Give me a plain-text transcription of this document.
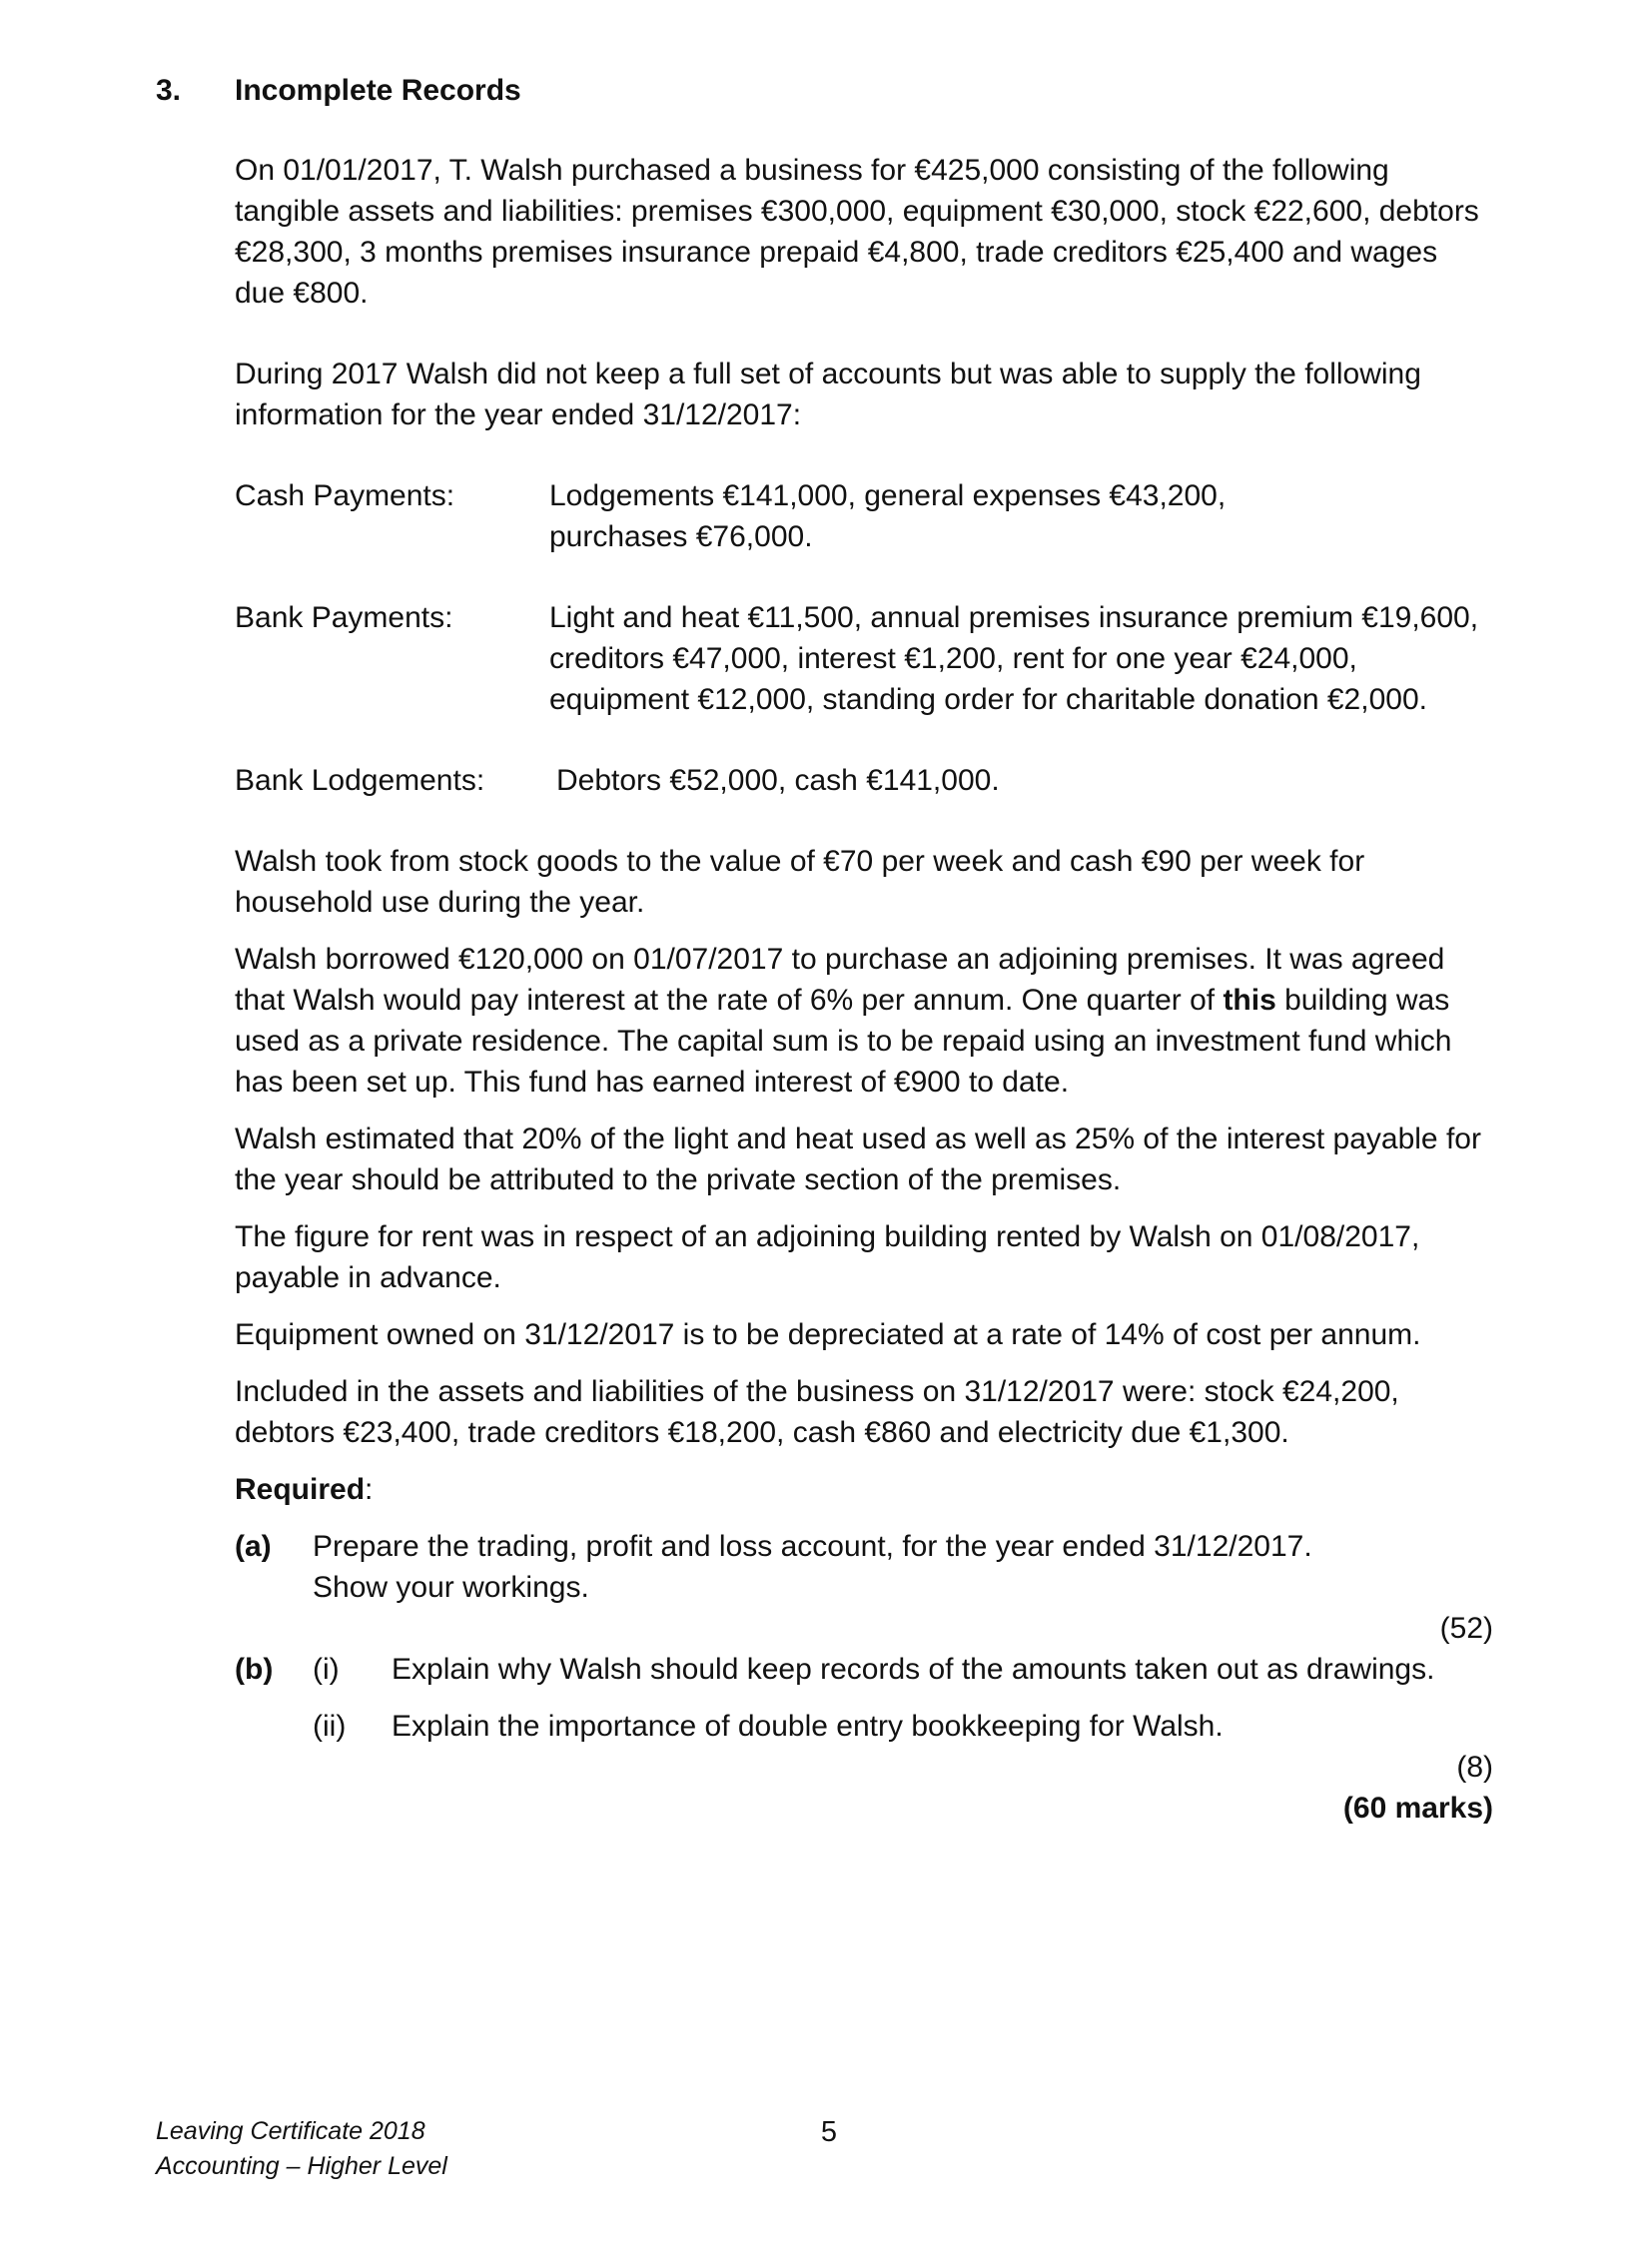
3. Incomplete Records

On 01/01/2017, T. Walsh purchased a business for €425,000 consisting of the following tangible assets and liabilities: premises €300,000, equipment €30,000, stock €22,600, debtors €28,300, 3 months premises insurance prepaid €4,800, trade creditors €25,400 and wages due €800.

During 2017 Walsh did not keep a full set of accounts but was able to supply the following information for the year ended 31/12/2017:

Cash Payments:	Lodgements €141,000, general expenses €43,200,
purchases €76,000.
Bank Payments:	Light and heat €11,500, annual premises insurance premium €19,600,
creditors €47,000, interest €1,200, rent for one year €24,000,
equipment €12,000, standing order for charitable donation €2,000.
Bank Lodgements:	Debtors €52,000, cash €141,000.

Walsh took from stock goods to the value of €70 per week and cash €90 per week for household use during the year.

Walsh borrowed €120,000 on 01/07/2017 to purchase an adjoining premises. It was agreed that Walsh would pay interest at the rate of 6% per annum. One quarter of this building was used as a private residence. The capital sum is to be repaid using an investment fund which has been set up. This fund has earned interest of €900 to date.

Walsh estimated that 20% of the light and heat used as well as 25% of the interest payable for the year should be attributed to the private section of the premises.

The figure for rent was in respect of an adjoining building rented by Walsh on 01/08/2017, payable in advance.

Equipment owned on 31/12/2017 is to be depreciated at a rate of 14% of cost per annum.

Included in the assets and liabilities of the business on 31/12/2017 were: stock €24,200, debtors €23,400, trade creditors €18,200, cash €860 and electricity due €1,300.

Required:

(a)	Prepare the trading, profit and loss account, for the year ended 31/12/2017.
Show your workings.
(52)
(b)	(i)	Explain why Walsh should keep records of the amounts taken out as drawings.
(ii)	Explain the importance of double entry bookkeeping for Walsh.
(8)
(60 marks)
Leaving Certificate 2018
Accounting – Higher Level
5
